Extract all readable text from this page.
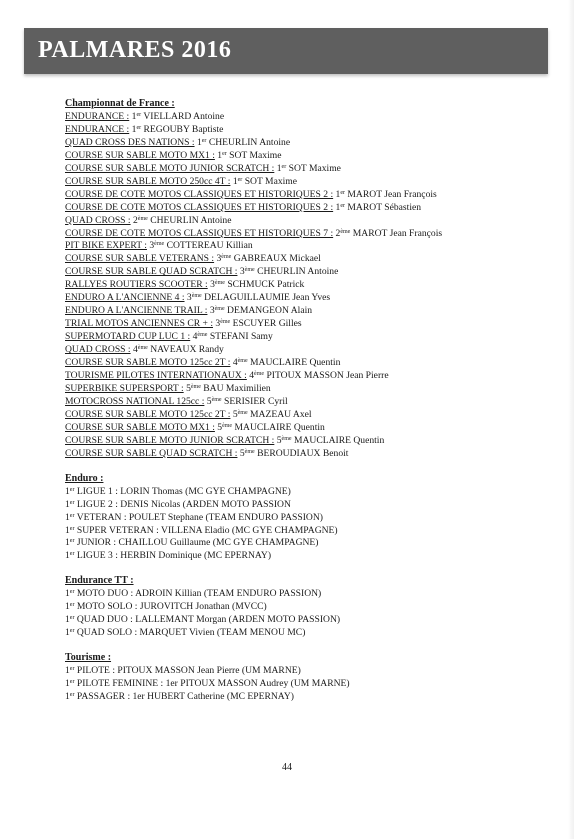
PALMARES 2016
Championnat de France :
ENDURANCE : 1er VIELLARD Antoine
ENDURANCE : 1er REGOUBY Baptiste
QUAD CROSS DES NATIONS : 1er CHEURLIN Antoine
COURSE SUR SABLE MOTO MX1 : 1er SOT Maxime
COURSE SUR SABLE MOTO JUNIOR SCRATCH : 1er SOT Maxime
COURSE SUR SABLE MOTO 250cc 4T : 1er SOT Maxime
COURSE DE COTE MOTOS CLASSIQUES ET HISTORIQUES 2 : 1er MAROT Jean François
COURSE DE COTE MOTOS CLASSIQUES ET HISTORIQUES 2 : 1er MAROT Sébastien
QUAD CROSS : 2ème CHEURLIN Antoine
COURSE DE COTE MOTOS CLASSIQUES ET HISTORIQUES 7 : 2ème MAROT Jean François
PIT BIKE EXPERT : 3ème COTTEREAU Killian
COURSE SUR SABLE VETERANS : 3ème GABREAUX Mickael
COURSE SUR SABLE QUAD SCRATCH : 3ème CHEURLIN Antoine
RALLYES ROUTIERS SCOOTER : 3ème SCHMUCK Patrick
ENDURO A L'ANCIENNE 4 : 3ème DELAGUILLAUMIE Jean Yves
ENDURO A L'ANCIENNE TRAIL : 3ème DEMANGEON Alain
TRIAL MOTOS ANCIENNES CR + : 3ème ESCUYER Gilles
SUPERMOTARD CUP LUC 1 : 4ème STEFANI Samy
QUAD CROSS : 4ème NAVEAUX Randy
COURSE SUR SABLE MOTO 125cc 2T : 4ème MAUCLAIRE Quentin
TOURISME PILOTES INTERNATIONAUX : 4ème PITOUX MASSON Jean Pierre
SUPERBIKE SUPERSPORT : 5ème BAU Maximilien
MOTOCROSS NATIONAL 125cc : 5ème SERISIER Cyril
COURSE SUR SABLE MOTO 125cc 2T : 5ème MAZEAU Axel
COURSE SUR SABLE MOTO MX1 : 5ème MAUCLAIRE Quentin
COURSE SUR SABLE MOTO JUNIOR SCRATCH : 5ème MAUCLAIRE Quentin
COURSE SUR SABLE QUAD SCRATCH : 5ème BEROUDIAUX Benoit
Enduro :
1er LIGUE 1 : LORIN Thomas (MC GYE CHAMPAGNE)
1er LIGUE 2 : DENIS Nicolas (ARDEN MOTO PASSION
1er VETERAN : POULET Stephane (TEAM ENDURO PASSION)
1er SUPER VETERAN : VILLENA Eladio (MC GYE CHAMPAGNE)
1er JUNIOR : CHAILLOU Guillaume (MC GYE CHAMPAGNE)
1er LIGUE 3 : HERBIN Dominique (MC EPERNAY)
Endurance TT :
1er MOTO DUO : ADROIN Killian (TEAM ENDURO PASSION)
1er MOTO SOLO : JUROVITCH Jonathan (MVCC)
1er QUAD DUO : LALLEMANT Morgan (ARDEN MOTO PASSION)
1er QUAD SOLO : MARQUET Vivien (TEAM MENOU MC)
Tourisme :
1er PILOTE : PITOUX MASSON Jean Pierre (UM MARNE)
1er PILOTE FEMININE : 1er PITOUX MASSON Audrey (UM MARNE)
1er PASSAGER : 1er HUBERT Catherine (MC EPERNAY)
44
